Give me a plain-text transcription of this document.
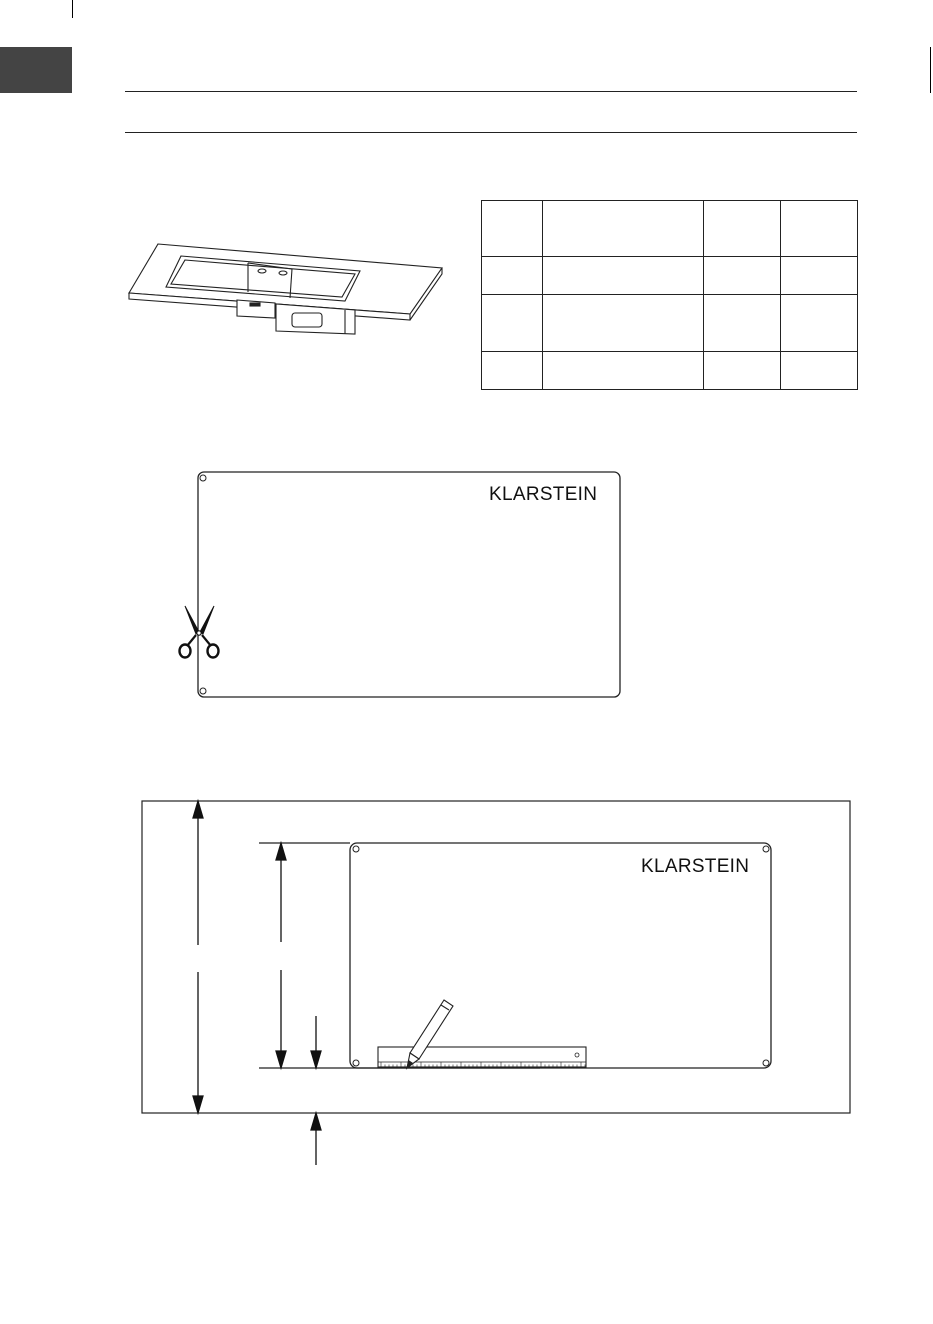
KLARSTEIN
KLARSTEIN
